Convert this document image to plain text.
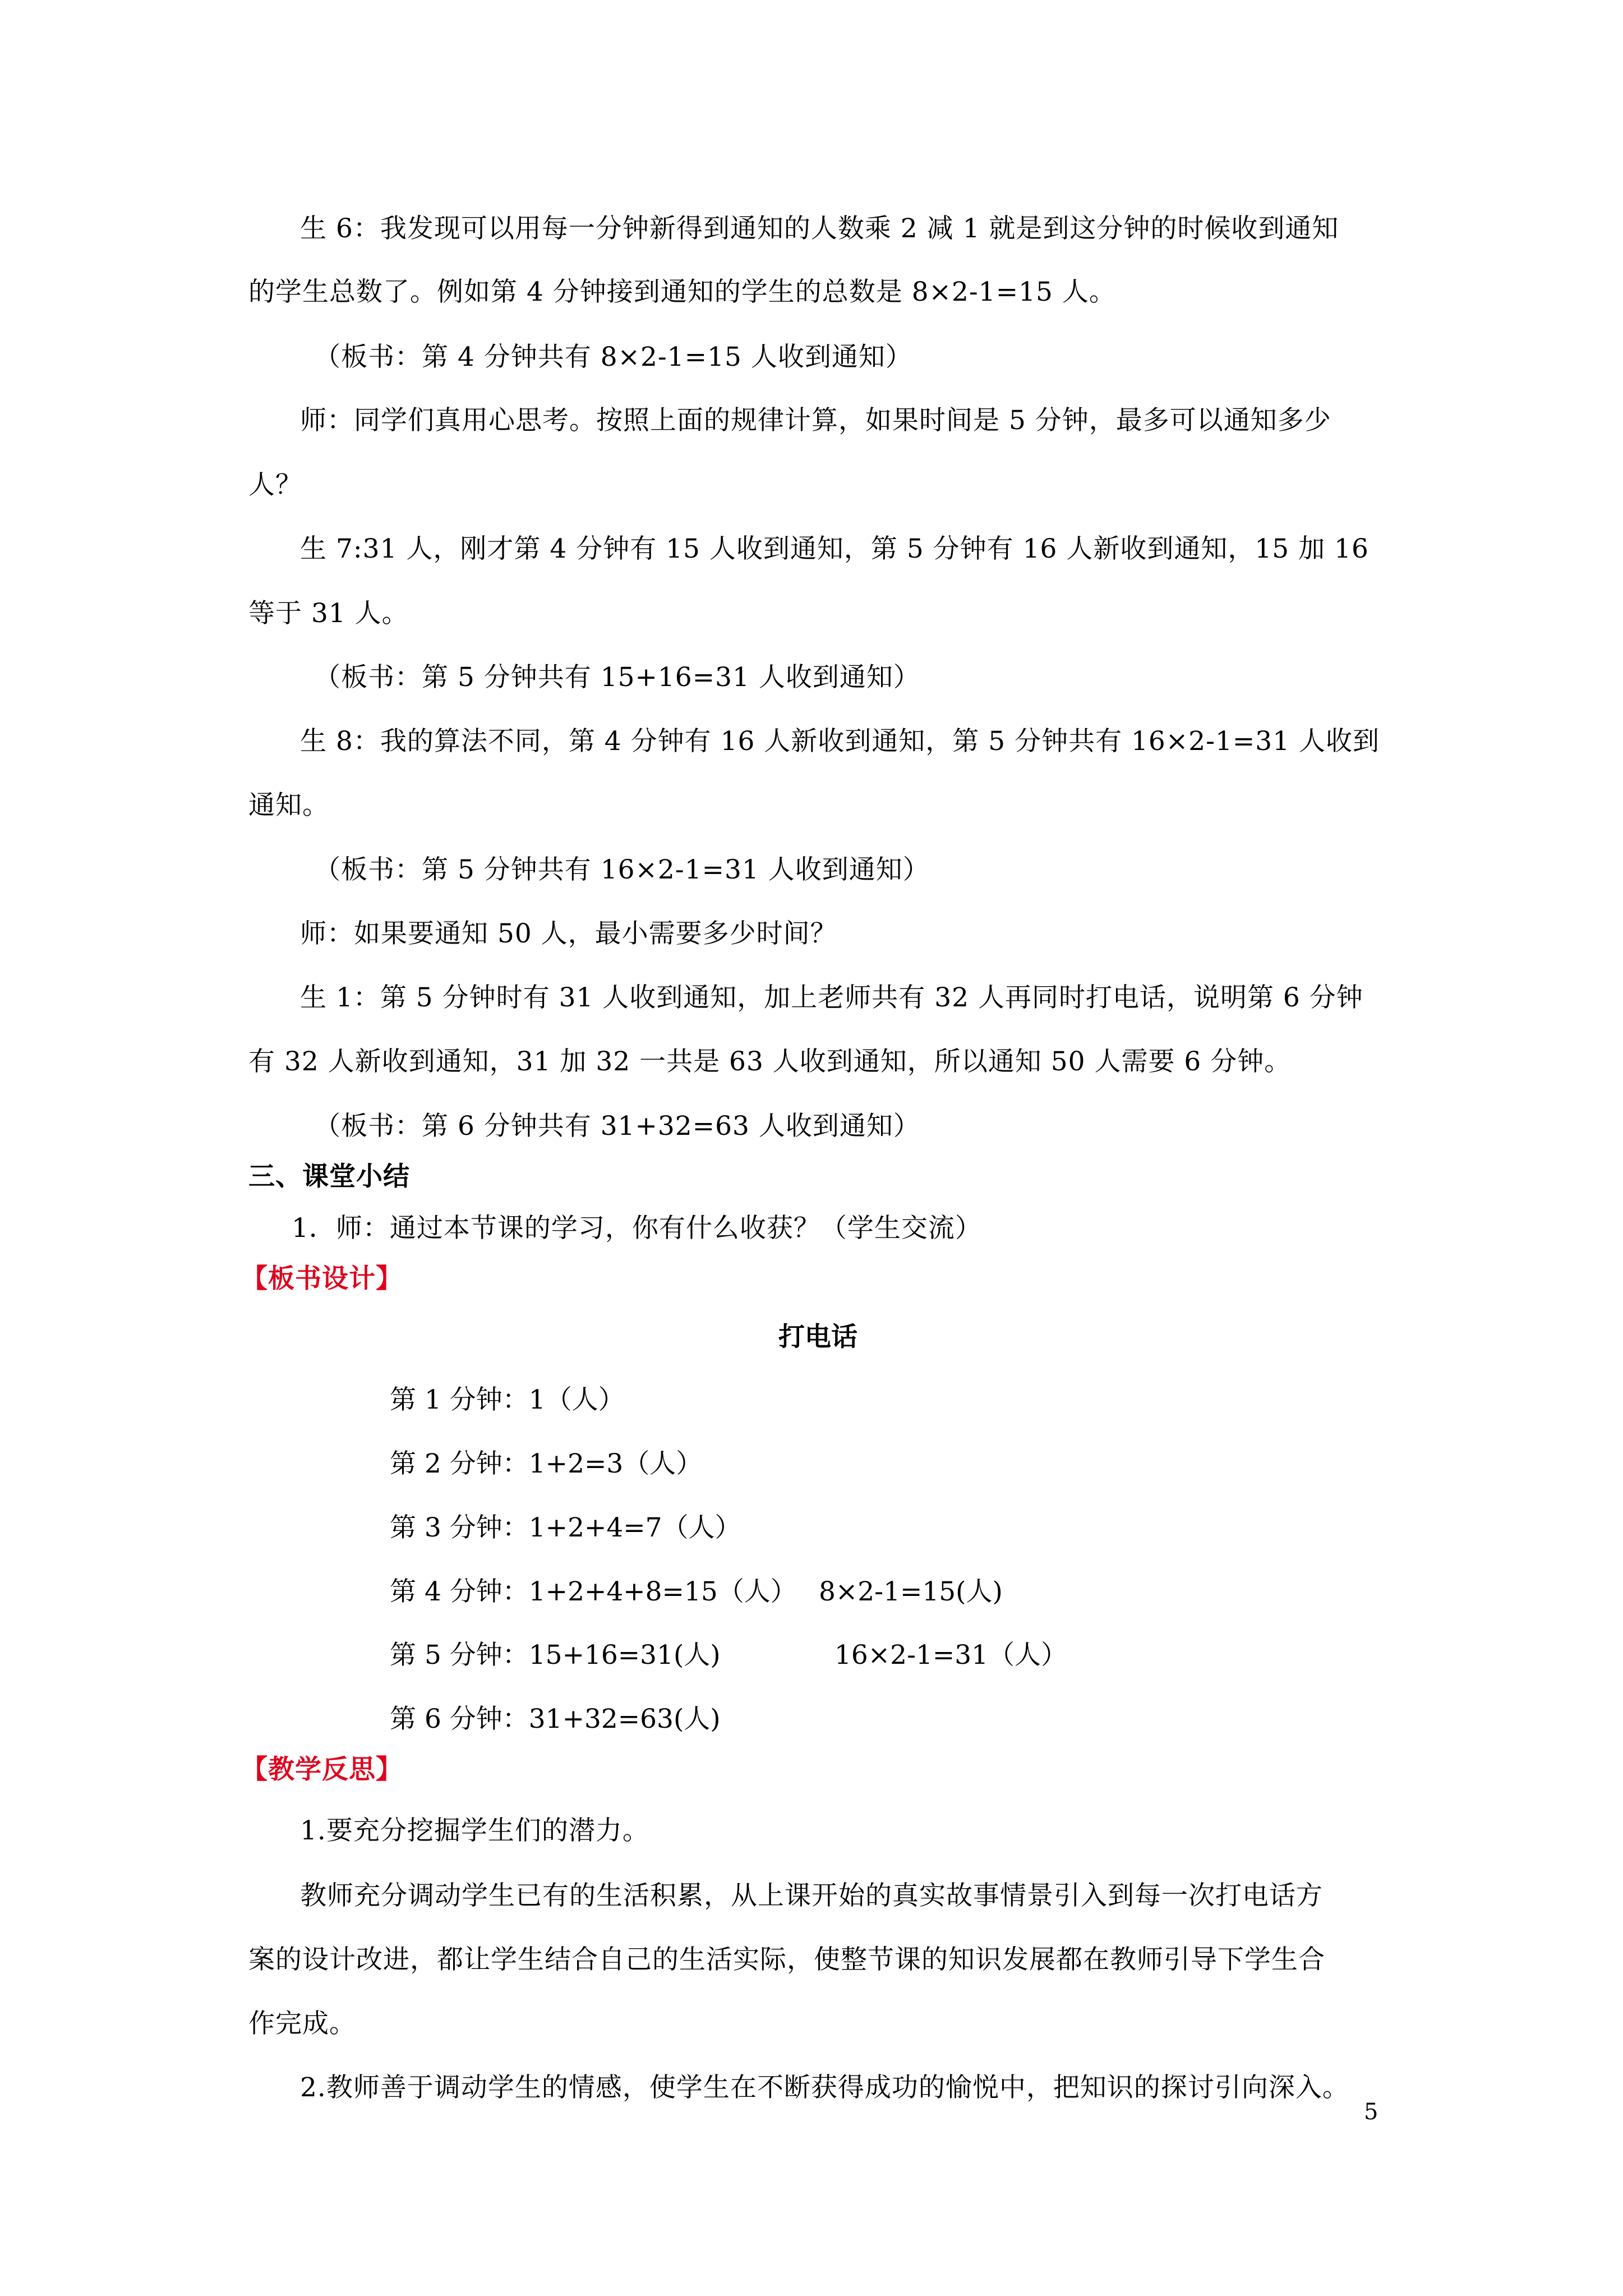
生 6：我发现可以用每一分钟新得到通知的人数乘 2 减 1 就是到这分钟的时候收到通知
的学生总数了。例如第 4 分钟接到通知的学生的总数是 8×2-1=15 人。
（板书：第 4 分钟共有 8×2-1=15 人收到通知）
师：同学们真用心思考。按照上面的规律计算，如果时间是 5 分钟，最多可以通知多少
人？
生 7:31 人，刚才第 4 分钟有 15 人收到通知，第 5 分钟有 16 人新收到通知，15 加 16
等于 31 人。
（板书：第 5 分钟共有 15+16=31 人收到通知）
生 8：我的算法不同，第 4 分钟有 16 人新收到通知，第 5 分钟共有 16×2-1=31 人收到
通知。
（板书：第 5 分钟共有 16×2-1=31 人收到通知）
师：如果要通知 50 人，最小需要多少时间？
生 1：第 5 分钟时有 31 人收到通知，加上老师共有 32 人再同时打电话，说明第 6 分钟
有 32 人新收到通知，31 加 32 一共是 63 人收到通知，所以通知 50 人需要 6 分钟。
（板书：第 6 分钟共有 31+32=63 人收到通知）
三、课堂小结
1．师：通过本节课的学习，你有什么收获？（学生交流）
【板书设计】
打电话
第 1 分钟：1（人）
第 2 分钟：1+2=3（人）
第 3 分钟：1+2+4=7（人）
第 4 分钟：1+2+4+8=15（人） 8×2-1=15(人)
第 5 分钟：15+16=31(人)	16×2-1=31（人）
第 6 分钟：31+32=63(人)
【教学反思】
1.要充分挖掘学生们的潜力。
教师充分调动学生已有的生活积累，从上课开始的真实故事情景引入到每一次打电话方
案的设计改进，都让学生结合自己的生活实际，使整节课的知识发展都在教师引导下学生合
作完成。
2.教师善于调动学生的情感，使学生在不断获得成功的愉悦中，把知识的探讨引向深入。
5
